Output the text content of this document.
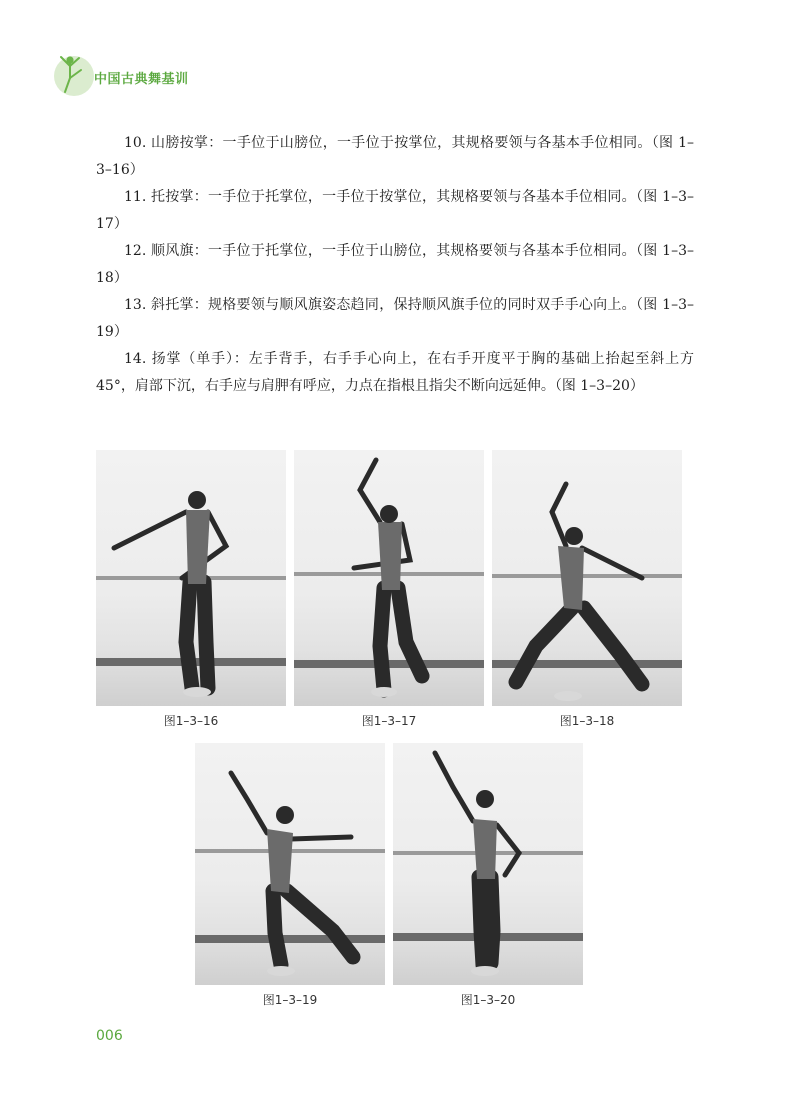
中国古典舞基训

10. 山膀按掌：一手位于山膀位，一手位于按掌位，其规格要领与各基本手位相同。（图 1–3–16）

11. 托按掌：一手位于托掌位，一手位于按掌位，其规格要领与各基本手位相同。（图 1–3–17）

12. 顺风旗：一手位于托掌位，一手位于山膀位，其规格要领与各基本手位相同。（图 1–3–18）

13. 斜托掌：规格要领与顺风旗姿态趋同，保持顺风旗手位的同时双手手心向上。（图 1–3–19）

14. 扬掌（单手）：左手背手，右手手心向上，在右手开度平于胸的基础上抬起至斜上方 45°，肩部下沉，右手应与肩胛有呼应，力点在指根且指尖不断向远延伸。（图 1–3–20）

图1–3–16	图1–3–17	图1–3–18
图1–3–19	图1–3–20
006
